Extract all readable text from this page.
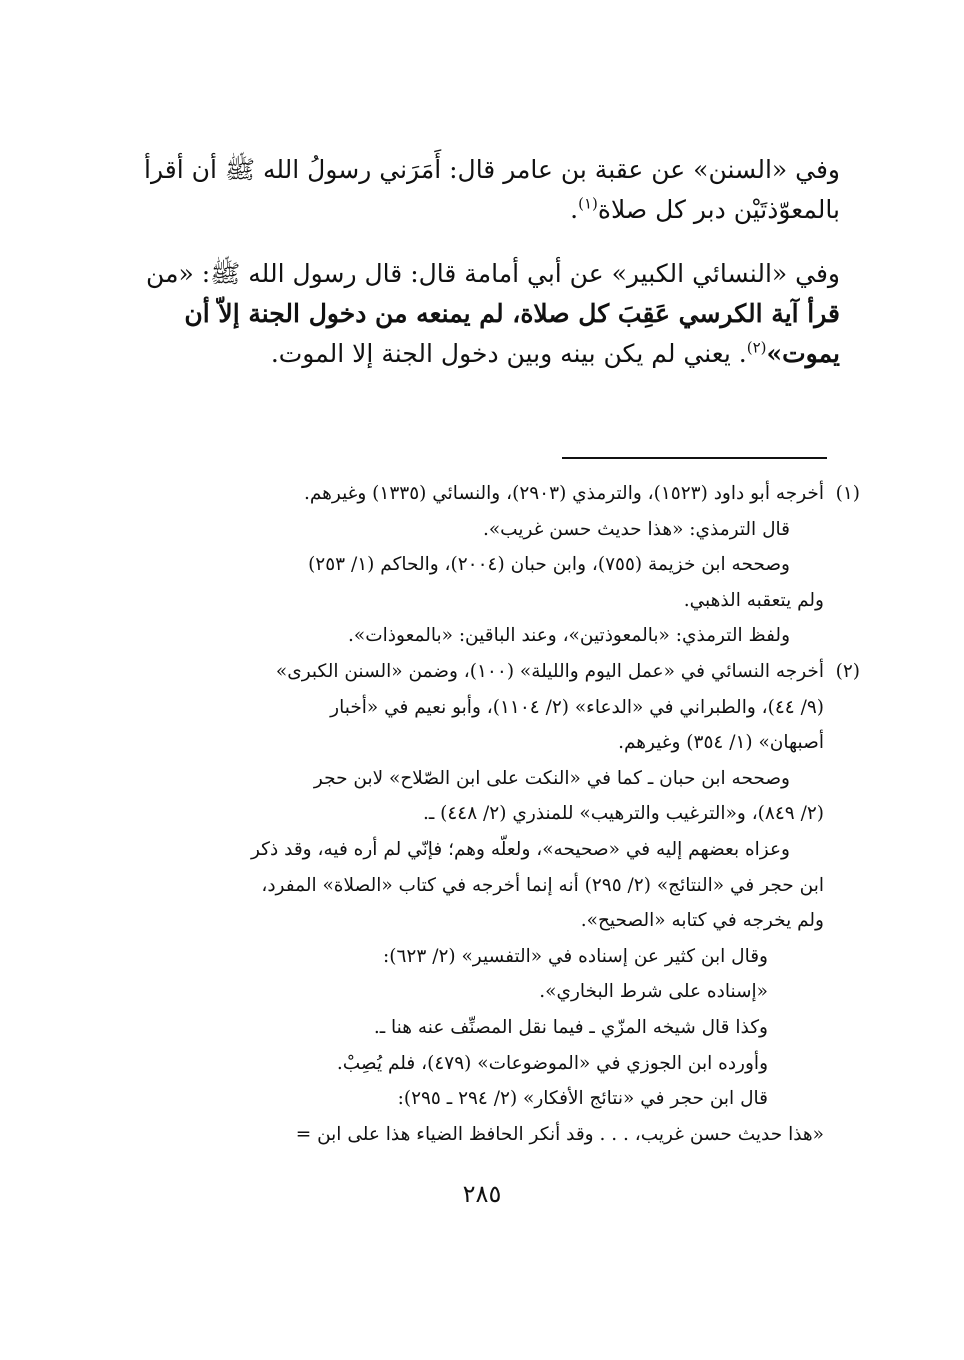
وفي «السنن» عن عقبة بن عامر قال: أَمَرَني رسولُ الله ﷺ أن أقرأ

بالمعوّذتَيْن دبر كل صلاة$^{(١)}$.

وفي «النسائي الكبير» عن أبي أمامة قال: قال رسول الله ﷺ: «من

قرأ آية الكرسي عَقِبَ كل صلاة، لم يمنعه من دخول الجنة إلاّ أن

يموت»$^{(٢)}$. يعني لم يكن بينه وبين دخول الجنة إلا الموت.

(١)

أخرجه أبو داود (١٥٢٣)، والترمذي (٢٩٠٣)، والنسائي (١٣٣٥) وغيرهم.

قال الترمذي: «هذا حديث حسن غريب».

وصححه ابن خزيمة (٧٥٥)، وابن حبان (٢٠٠٤)، والحاكم (١/ ٢٥٣)

ولم يتعقبه الذهبي.

ولفظ الترمذي: «بالمعوذتين»، وعند الباقين: «بالمعوذات».

(٢)

أخرجه النسائي في «عمل اليوم والليلة» (١٠٠)، وضمن «السنن الكبرى»

(٩/ ٤٤)، والطبراني في «الدعاء» (٢/ ١١٠٤)، وأبو نعيم في «أخبار

أصبهان» (١/ ٣٥٤) وغيرهم.

وصححه ابن حبان ـ كما في «النكت على ابن الصّلاح» لابن حجر

(٢/ ٨٤٩)، و«الترغيب والترهيب» للمنذري (٢/ ٤٤٨) ـ.

وعزاه بعضهم إليه في «صحيحه»، ولعلّه وهم؛ فإنّي لم أره فيه، وقد ذكر

ابن حجر في «النتائج» (٢/ ٢٩٥) أنه إنما أخرجه في كتاب «الصلاة» المفرد،

ولم يخرجه في كتابه «الصحيح».

وقال ابن كثير عن إسناده في «التفسير» (٢/ ٦٢٣):

«إسناده على شرط البخاري».

وكذا قال شيخه المزّي ـ فيما نقل المصنِّف عنه هنا ـ.

وأورده ابن الجوزي في «الموضوعات» (٤٧٩)، فلم يُصِبْ.

قال ابن حجر في «نتائج الأفكار» (٢/ ٢٩٤ ـ ٢٩٥):

«هذا حديث حسن غريب، . . . وقد أنكر الحافظ الضياء هذا على ابن =

٢٨٥
